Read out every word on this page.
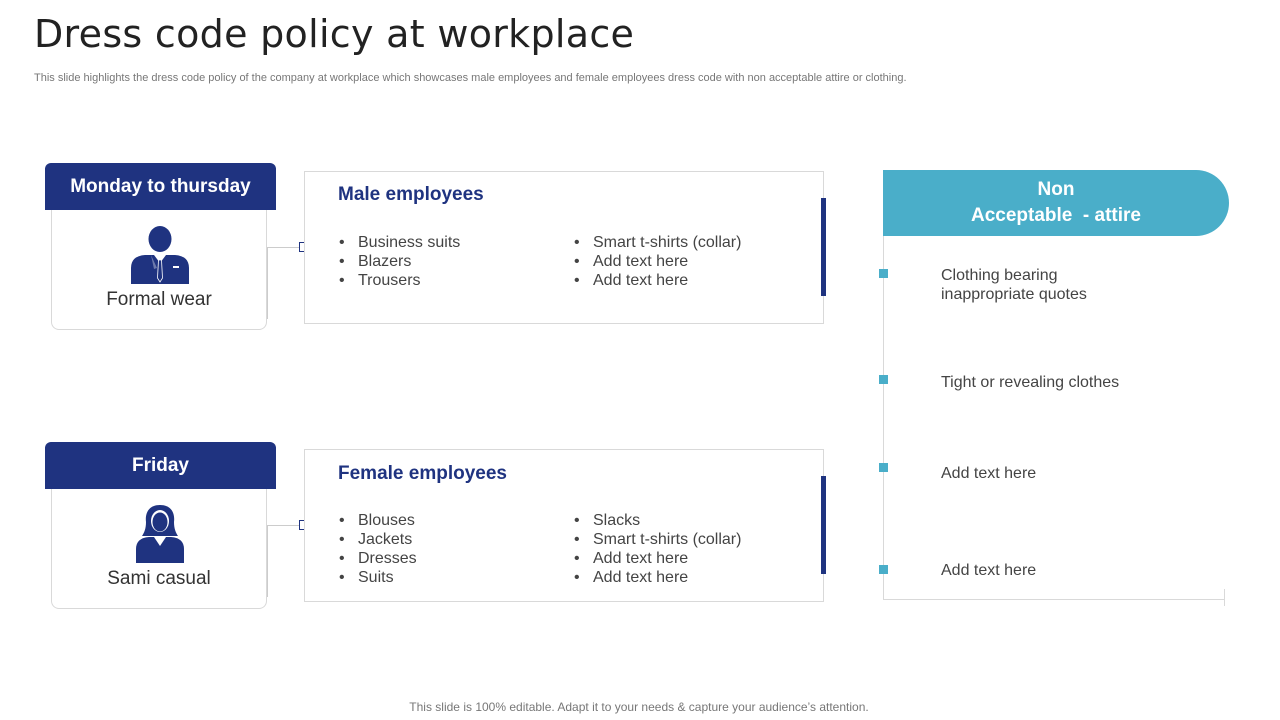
Dress code policy at workplace
This slide highlights the dress code policy of the company at workplace which showcases male employees and female employees dress code with non acceptable attire or clothing.
Monday to thursday
Formal wear
Friday
Sami casual
Male employees
• Business suits
• Blazers
• Trousers
• Smart t-shirts (collar)
• Add text here
• Add text here
Female employees
• Blouses
• Jackets
• Dresses
• Suits
• Slacks
• Smart t-shirts (collar)
• Add text here
• Add text here
Non
Acceptable  - attire
Clothing bearing inappropriate quotes
Tight or revealing clothes
Add text here
Add text here
This slide is 100% editable. Adapt it to your needs & capture your audience’s attention.
